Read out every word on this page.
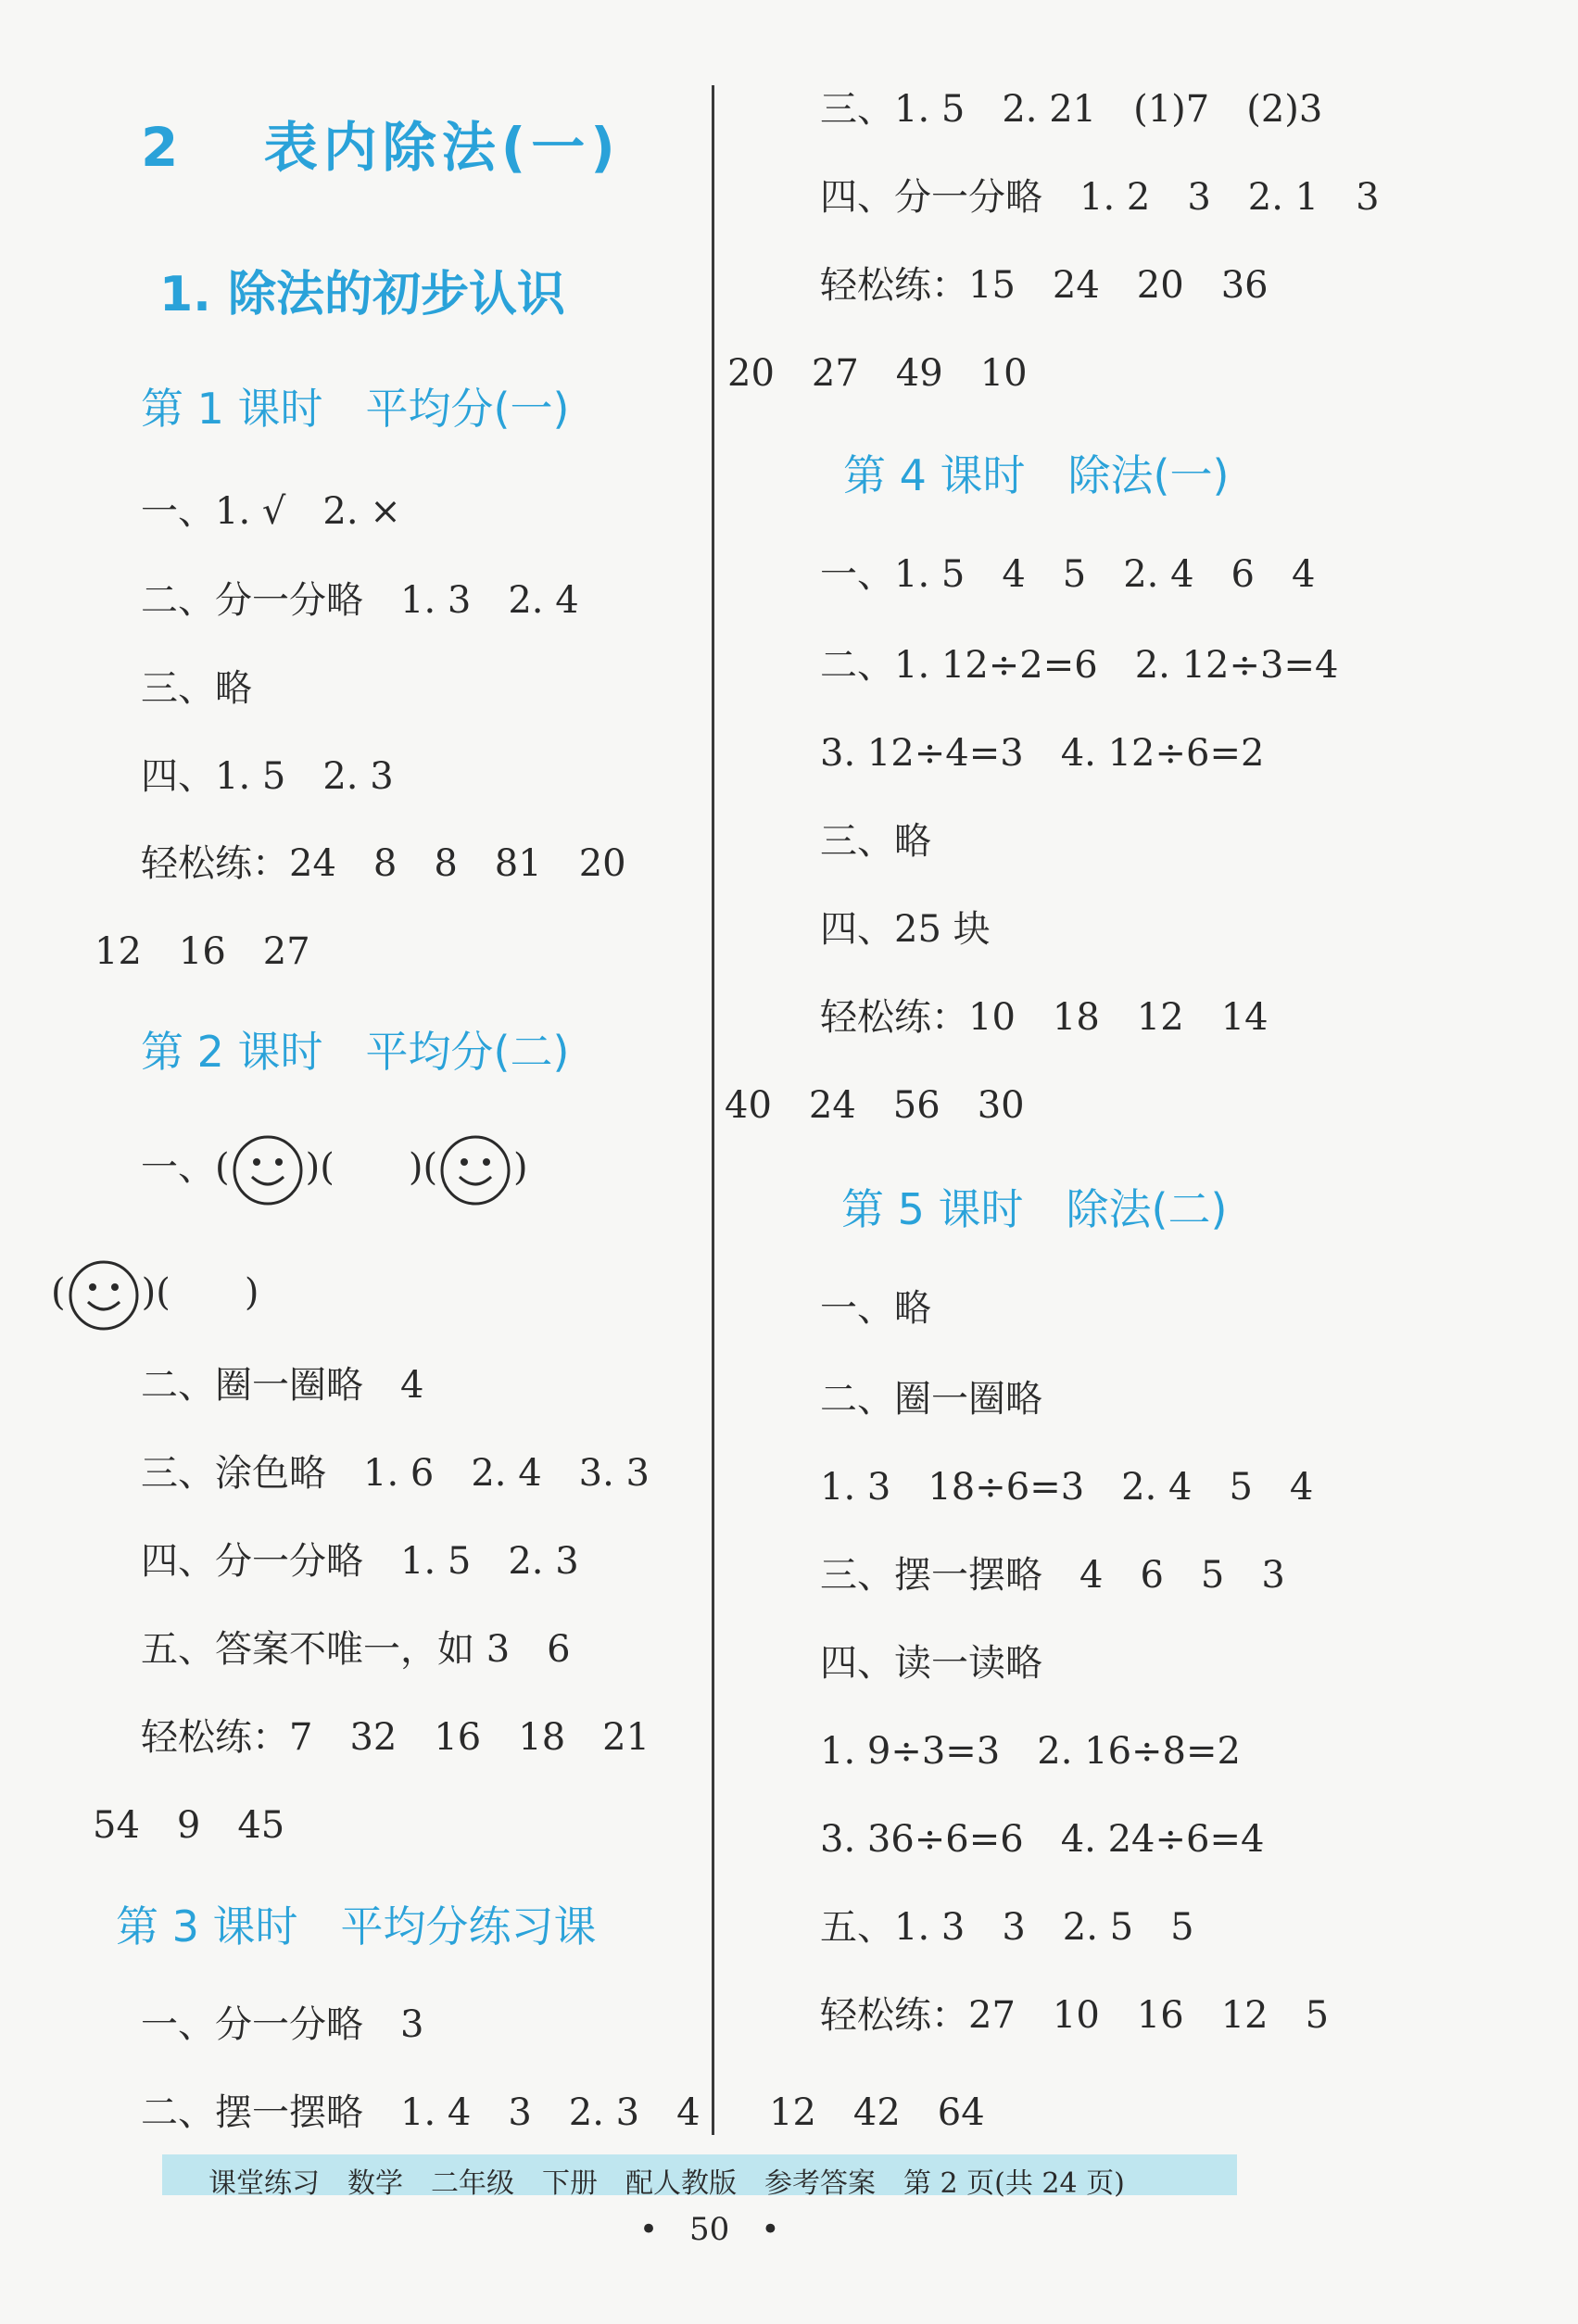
2 表内除法(一)
1. 除法的初步认识
第 1 课时　平均分(一)
一、1. √　2. ×
二、分一分略　1. 3　2. 4
三、略
四、1. 5　2. 3
轻松练：24　8　8　81　20
12　16　27
第 2 课时　平均分(二)
一、( )(　　)( )
( )(　　)
二、圈一圈略　4
三、涂色略　1. 6　2. 4　3. 3
四、分一分略　1. 5　2. 3
五、答案不唯一，如 3　6
轻松练：7　32　16　18　21
54　9　45
第 3 课时　平均分练习课
一、分一分略　3
二、摆一摆略　1. 4　3　2. 3　4
三、1. 5　2. 21　(1)7　(2)3
四、分一分略　1. 2　3　2. 1　3
轻松练：15　24　20　36
20　27　49　10
第 4 课时　除法(一)
一、1. 5　4　5　2. 4　6　4
二、1. 12÷2=6　2. 12÷3=4
3. 12÷4=3　4. 12÷6=2
三、略
四、25 块
轻松练：10　18　12　14
40　24　56　30
第 5 课时　除法(二)
一、略
二、圈一圈略
1. 3　18÷6=3　2. 4　5　4
三、摆一摆略　4　6　5　3
四、读一读略
1. 9÷3=3　2. 16÷8=2
3. 36÷6=6　4. 24÷6=4
五、1. 3　3　2. 5　5
轻松练：27　10　16　12　5
12　42　64
课堂练习　数学　二年级　下册　配人教版　参考答案　第 2 页(共 24 页)
•　50　•
